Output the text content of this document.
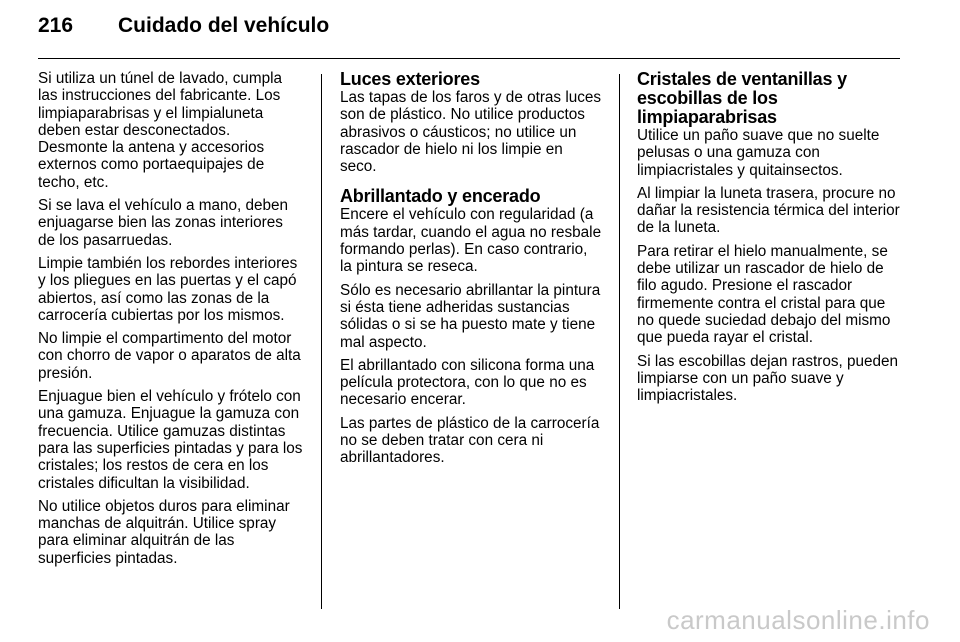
216	Cuidado del vehículo

Si utiliza un túnel de lavado, cumpla las instrucciones del fabricante. Los limpiaparabrisas y el limpialuneta deben estar desconectados. Desmonte la antena y accesorios externos como portaequipajes de techo, etc.

Si se lava el vehículo a mano, deben enjuagarse bien las zonas interiores de los pasarruedas.

Limpie también los rebordes interiores y los pliegues en las puertas y el capó abiertos, así como las zonas de la carrocería cubiertas por los mismos.

No limpie el compartimento del motor con chorro de vapor o aparatos de alta presión.

Enjuague bien el vehículo y frótelo con una gamuza. Enjuague la gamuza con frecuencia. Utilice gamuzas distintas para las superficies pintadas y para los cristales; los restos de cera en los cristales dificultan la visibilidad.

No utilice objetos duros para eliminar manchas de alquitrán. Utilice spray para eliminar alquitrán de las superficies pintadas.

Luces exteriores

Las tapas de los faros y de otras luces son de plástico. No utilice productos abrasivos o cáusticos; no utilice un rascador de hielo ni los limpie en seco.

Abrillantado y encerado

Encere el vehículo con regularidad (a más tardar, cuando el agua no resbale formando perlas). En caso contrario, la pintura se reseca.

Sólo es necesario abrillantar la pintura si ésta tiene adheridas sustancias sólidas o si se ha puesto mate y tiene mal aspecto.

El abrillantado con silicona forma una película protectora, con lo que no es necesario encerar.

Las partes de plástico de la carrocería no se deben tratar con cera ni abrillantadores.

Cristales de ventanillas y escobillas de los limpiaparabrisas

Utilice un paño suave que no suelte pelusas o una gamuza con limpiacristales y quitainsectos.

Al limpiar la luneta trasera, procure no dañar la resistencia térmica del interior de la luneta.

Para retirar el hielo manualmente, se debe utilizar un rascador de hielo de filo agudo. Presione el rascador firmemente contra el cristal para que no quede suciedad debajo del mismo que pueda rayar el cristal.

Si las escobillas dejan rastros, pueden limpiarse con un paño suave y limpiacristales.

carmanualsonline.info
